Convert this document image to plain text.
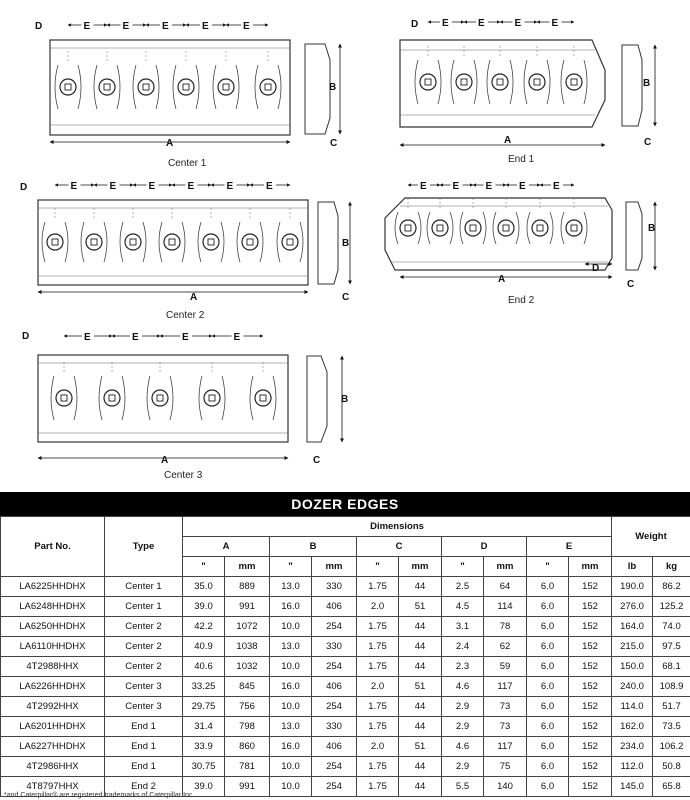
A
B
C
D	E	E	E	E	E
Center 1
A
B
C
D E	E	E	E
End 1
A
B
C
D	E	E	E	E	E	E
Center 2
A
B
C
D
E	E	E	E	E
End 2
A
B
C
D	E	E	E	E
Center 3
DOZER EDGES
Part No.	Type	Dimensions										Weight	
		A		B		C		D		E			
		"	mm	"	mm	"	mm	"	mm	"	mm	lb	kg
LA6225HHDHX	Center 1	35.0	889	13.0	330	1.75	44	2.5	64	6.0	152	190.0	86.2
LA6248HHDHX	Center 1	39.0	991	16.0	406	2.0	51	4.5	114	6.0	152	276.0	125.2
LA6250HHDHX	Center 2	42.2	1072	10.0	254	1.75	44	3.1	78	6.0	152	164.0	74.0
LA6110HHDHX	Center 2	40.9	1038	13.0	330	1.75	44	2.4	62	6.0	152	215.0	97.5
4T2988HHX	Center 2	40.6	1032	10.0	254	1.75	44	2.3	59	6.0	152	150.0	68.1
LA6226HHDHX	Center 3	33.25	845	16.0	406	2.0	51	4.6	117	6.0	152	240.0	108.9
4T2992HHX	Center 3	29.75	756	10.0	254	1.75	44	2.9	73	6.0	152	114.0	51.7
LA6201HHDHX	End 1	31.4	798	13.0	330	1.75	44	2.9	73	6.0	152	162.0	73.5
LA6227HHDHX	End 1	33.9	860	16.0	406	2.0	51	4.6	117	6.0	152	234.0	106.2
4T2986HHX	End 1	30.75	781	10.0	254	1.75	44	2.9	75	6.0	152	112.0	50.8
4T8797HHX	End 2	39.0	991	10.0	254	1.75	44	5.5	140	6.0	152	145.0	65.8
*and Caterpillar® are registered trademarks of Caterpillar Inc.
